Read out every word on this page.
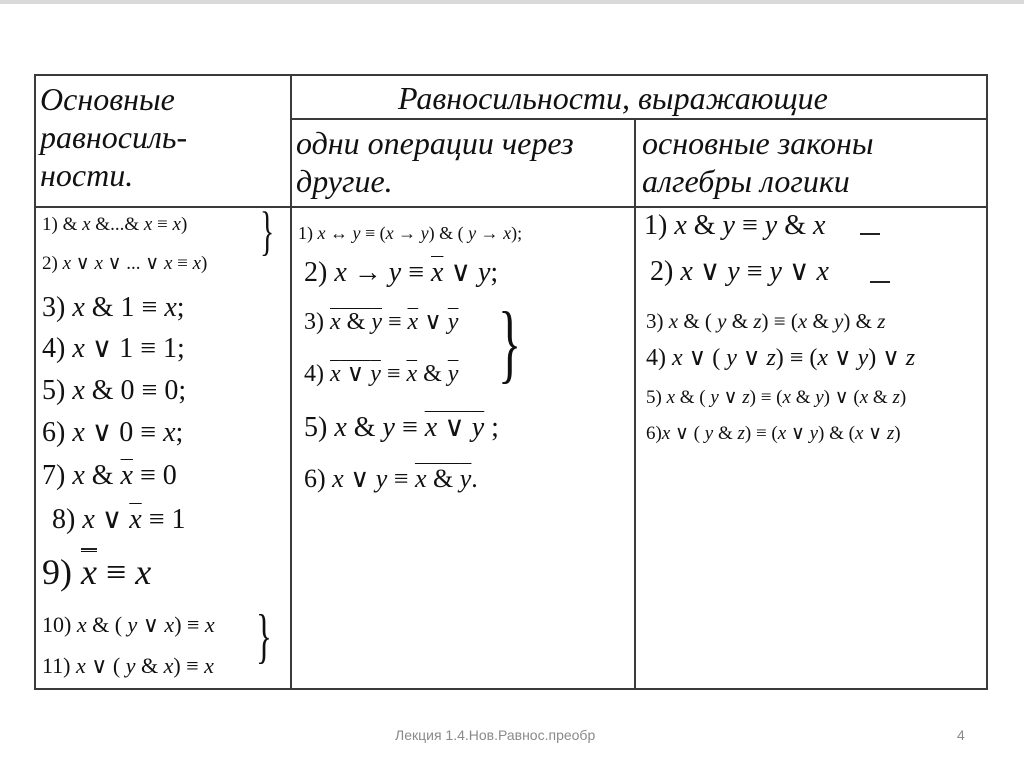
Основные
равносиль-
ности.
Равносильности, выражающие
одни операции через
другие.
основные законы
алгебры логики
1) & x &...& x ≡ x)
2) x ∨ x ∨ ... ∨ x ≡ x)
}
3) x & 1 ≡ x;
4) x ∨ 1 ≡ 1;
5) x & 0 ≡ 0;
6) x ∨ 0 ≡ x;
7) x & $\overline{x} \equiv 0$
8) x ∨ $\overline{x} \equiv 1$
9) $\overline{x} \equiv x$
10) x & ( y ∨ x) ≡ x
11) x ∨ ( y & x) ≡ x }
1) x ↔ y ≡ (x → y) & ( y → x);
2) $x \to y \equiv \overline{x}$ ∨ y;
3) x & $y \equiv \overline{x}$ ∨ $\overline{y}$
4) x ∨ $y \equiv \overline{x}$ & $\overline{y}$ }
5) x & y ≡ x ∨ y ;
6) x ∨ y ≡ x & y.
1) x & y ≡ y & x
2) x ∨ y ≡ y ∨ x
3) x & ( y & z) ≡ (x & y) & z
4) x ∨ ( y ∨ z) ≡ (x ∨ y) ∨ z
5) x & ( y ∨ z) ≡ (x & y) ∨ (x & z)
6)x ∨ ( y & z) ≡ (x ∨ y) & (x ∨ z)
Лекция 1.4.Нов.Равнос.преобр	4
